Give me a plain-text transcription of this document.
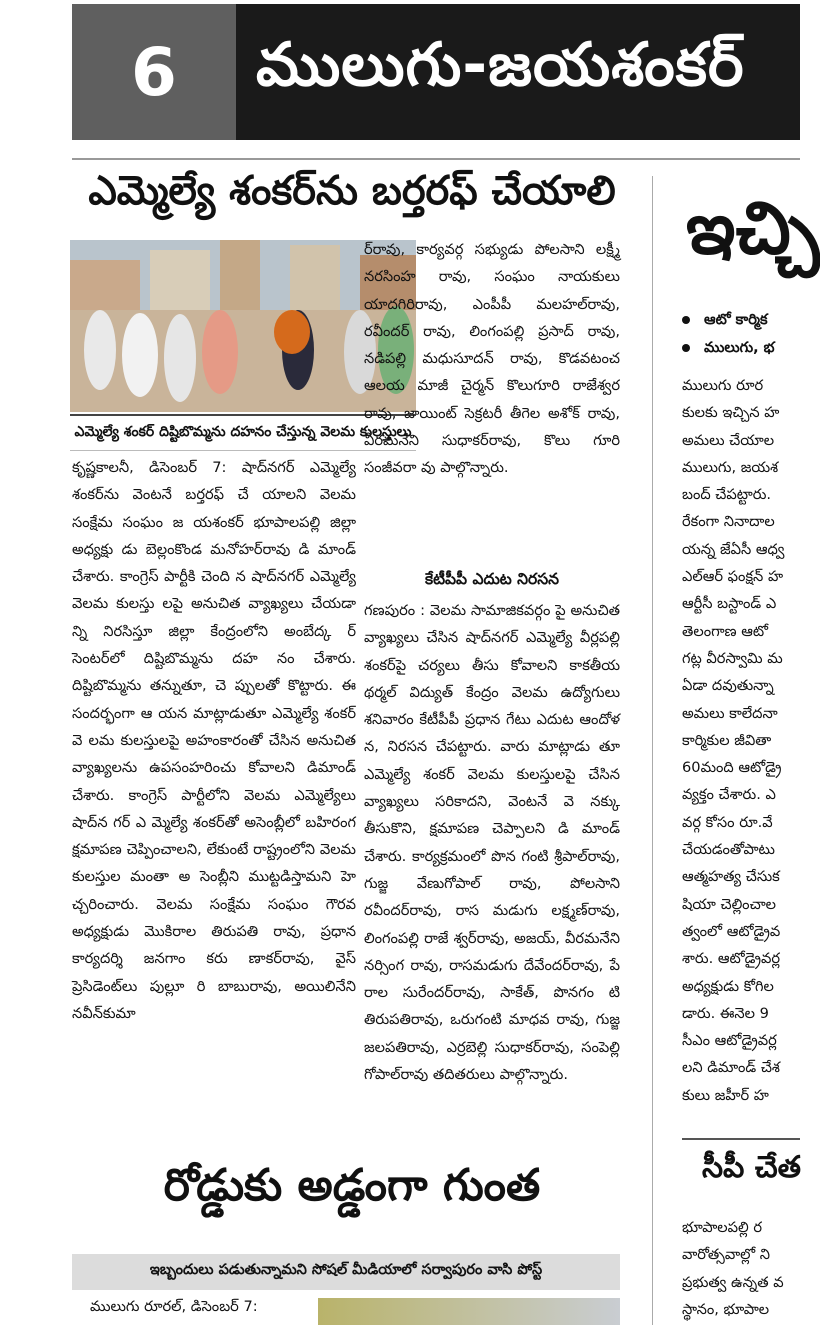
6	ములుగు-జయశంకర్
ఎమ్మెల్యే శంకర్‌ను బర్తరఫ్‌ చేయాలి
ఎమ్మెల్యే శంకర్‌ దిష్టిబొమ్మను దహనం చేస్తున్న వెలమ కులస్తులు

కృష్ణకాలనీ, డిసెంబర్‌ 7: షాద్‌నగర్‌ ఎమ్మెల్యే శంకర్‌ను వెంటనే బర్తరఫ్‌ చే యాలని వెలమ సంక్షేమ సంఘం జ యశంకర్‌ భూపాలపల్లి జిల్లా అధ్యక్షు డు బెల్లంకొండ మనోహర్‌రావు డి మాండ్‌ చేశారు. కాంగ్రెస్‌ పార్టీకి చెంది న షాద్‌నగర్‌ ఎమ్మెల్యే వెలమ కులస్తు లపై అనుచిత వ్యాఖ్యలు చేయడా న్ని నిరసిస్తూ జిల్లా కేంద్రంలోని అంబేద్క ర్‌ సెంటర్‌లో దిష్టిబొమ్మను దహ నం చేశారు. దిష్టిబొమ్మను తన్నుతూ, చె ప్పులతో కొట్టారు. ఈ సందర్భంగా ఆ యన మాట్లాడుతూ ఎమ్మెల్యే శంకర్‌ వె లమ కులస్తులపై అహంకారంతో చేసిన అనుచిత వ్యాఖ్యలను ఉపసంహరించు కోవాలని డిమాండ్‌ చేశారు. కాంగ్రెస్‌ పార్టీలోని వెలమ ఎమ్మెల్యేలు షాద్‌న గర్‌ ఎ మ్మెల్యే శంకర్‌తో అసెంబ్లీలో బహిరంగ క్షమాపణ చెప్పించాలని, లేకుంటే రాష్ట్రంలోని వెలమ కులస్తుల మంతా అ సెంబ్లీని ముట్టడిస్తామని హె చ్చరించారు. వెలమ సంక్షేమ సంఘం గౌరవ అధ్యక్షుడు మొకిరాల తిరుపతి రావు, ప్రధాన కార్యదర్శి జనగాం కరు ణాకర్‌రావు, వైస్‌ ప్రెసిడెంట్‌లు పుల్లూ రి బాబురావు, అయిలినేని నవీన్‌కుమా

ర్‌రావు, కార్యవర్గ సభ్యుడు పోలసాని లక్ష్మీ నరసింహ రావు, సంఘం నాయకులు యాదగిరిరావు, ఎంపీపీ మలహల్‌రావు, రవీందర్‌ రావు, లింగంపల్లి ప్రసాద్‌ రావు, నడిపల్లి మధుసూదన్‌ రావు, కొడవటంచ ఆలయ మాజీ చైర్మన్‌ కొలుగూరి రాజేశ్వర రావు, జాయింట్‌ సెక్రటరీ తీగెల అశోక్‌ రావు, వీరమనేని సుధాకర్‌రావు, కొలు గూరి సంజీవరా వు పాల్గొన్నారు.

కేటీపీపీ ఎదుట నిరసన

గణపురం : వెలమ సామాజికవర్గం పై అనుచిత వ్యాఖ్యలు చేసిన షాద్‌నగర్‌ ఎమ్మెల్యే వీర్లపల్లి శంకర్‌పై చర్యలు తీసు కోవాలని కాకతీయ థర్మల్‌ విద్యుత్‌ కేంద్రం వెలమ ఉద్యోగులు శనివారం కేటీపీపీ ప్రధాన గేటు ఎదుట ఆందోళ న, నిరసన చేపట్టారు. వారు మాట్లాడు తూ ఎమ్మెల్యే శంకర్‌ వెలమ కులస్తులపై చేసిన వ్యాఖ్యలు సరికాదని, వెంటనే వె నక్కు తీసుకొని, క్షమాపణ చెప్పాలని డి మాండ్‌ చేశారు. కార్యక్రమంలో పొన గంటి శ్రీపాల్‌రావు, గుజ్జ వేణుగోపాల్‌ రావు, పోలసాని రవీందర్‌రావు, రాస మడుగు లక్ష్మణ్‌రావు, లింగంపల్లి రాజే శ్వర్‌రావు, అజయ్‌, వీరమనేని నర్సింగ రావు, రాసమడుగు దేవేందర్‌రావు, పే రాల సురేందర్‌రావు, సాకేత్‌, పొనగం టి తిరుపతిరావు, ఒరుగంటి మాధవ రావు, గుజ్జ జలపతిరావు, ఎర్రబెల్లి సుధాకర్‌రావు, సంపెల్లి గోపాల్‌రావు తదితరులు పాల్గొన్నారు.

రోడ్డుకు అడ్డంగా గుంత
ఇబ్బందులు పడుతున్నామని సోషల్‌ మీడియాలో సర్వాపురం వాసి పోస్ట్‌
ములుగు రూరల్‌, డిసెంబర్‌ 7:
ఇచ్చి
ఆటో కార్మిక
ములుగు, భ
ములుగు రూర
కులకు ఇచ్చిన హ
అమలు చేయాల
ములుగు, జయశ
బంద్‌ చేపట్టారు.
రేకంగా నినాదాల
యన్న జేఏసీ ఆధ్వ
ఎల్‌ఆర్‌ ఫంక్షన్‌ హ
ఆర్టీసీ బస్టాండ్‌ ఎ
తెలంగాణ ఆటో
గట్ల వీరస్వామి మ
ఏడా దవుతున్నా
అమలు కాలేదనా
కార్మికుల జీవితా
60మంది ఆటోడ్రై
వ్యక్తం చేశారు. ఎ
వర్గ కోసం రూ.వే
చేయడంతోపాటు
ఆత్మహత్య చేసుక
షియా చెల్లించాల
త్వంలో ఆటోడ్రైవ
శారు. ఆటోడ్రైవర్ల
అధ్యక్షుడు కోగిల
డారు. ఈనెల 9
సీఎం ఆటోడ్రైవర్ల
లని డిమాండ్‌ చేశ
కులు జహీర్‌ హ
సీపీ చేత
భూపాలపల్లి ర
వారోత్సవాల్లో ని
ప్రభుత్వ ఉన్నత వ
స్థానం, భూపాల
